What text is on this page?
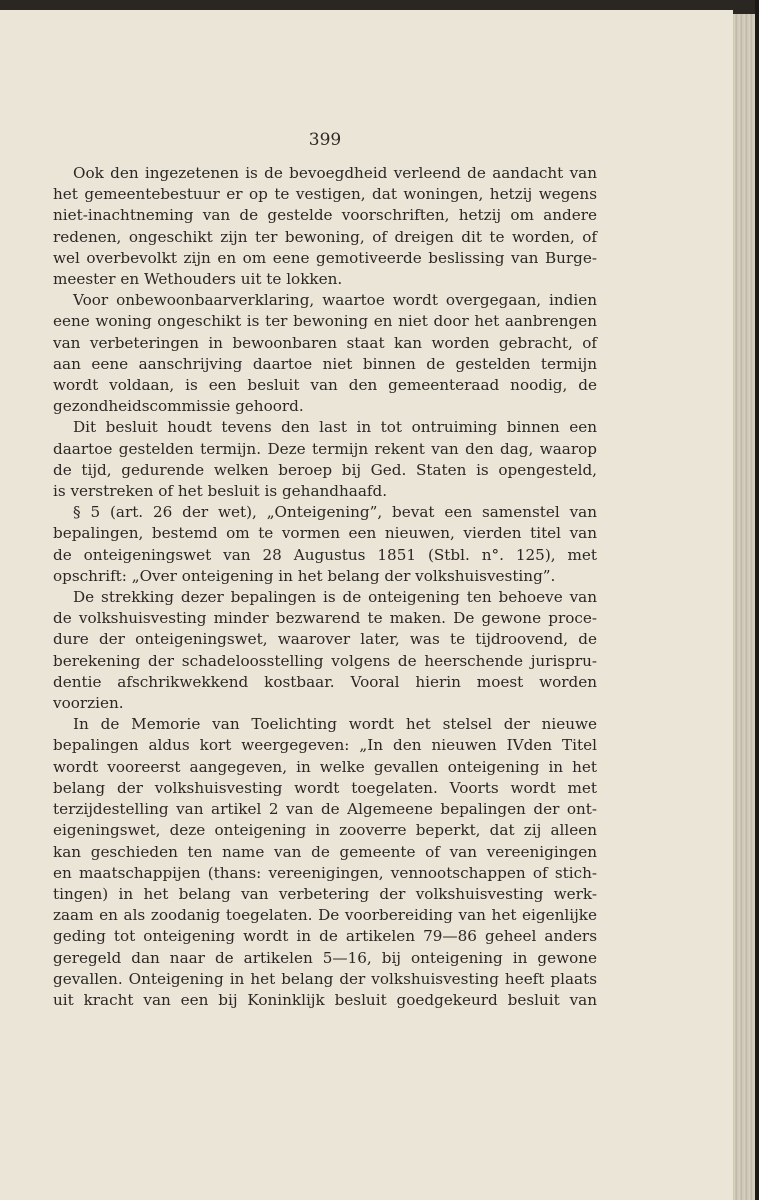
399
Ook den ingezetenen is de bevoegdheid verleend de aandacht van
het gemeentebestuur er op te vestigen, dat woningen, hetzij wegens
niet-inachtneming van de gestelde voorschriften, hetzij om andere
redenen, ongeschikt zijn ter bewoning, of dreigen dit te worden, of
wel overbevolkt zijn en om eene gemotiveerde beslissing van Burge-
meester en Wethouders uit te lokken.
Voor onbewoonbaarverklaring, waartoe wordt overgegaan, indien
eene woning ongeschikt is ter bewoning en niet door het aanbrengen
van verbeteringen in bewoonbaren staat kan worden gebracht, of
aan eene aanschrijving daartoe niet binnen de gestelden termijn
wordt voldaan, is een besluit van den gemeenteraad noodig, de
gezondheidscommissie gehoord.
Dit besluit houdt tevens den last in tot ontruiming binnen een
daartoe gestelden termijn. Deze termijn rekent van den dag, waarop
de tijd, gedurende welken beroep bij Ged. Staten is opengesteld,
is verstreken of het besluit is gehandhaafd.
§ 5 (art. 26 der wet), „Onteigening”, bevat een samenstel van
bepalingen, bestemd om te vormen een nieuwen, vierden titel van
de onteigeningswet van 28 Augustus 1851 (Stbl. n°. 125), met
opschrift: „Over onteigening in het belang der volkshuisvesting”.
De strekking dezer bepalingen is de onteigening ten behoeve van
de volkshuisvesting minder bezwarend te maken. De gewone proce-
dure der onteigeningswet, waarover later, was te tijdroovend, de
berekening der schadeloosstelling volgens de heerschende jurispru-
dentie afschrikwekkend kostbaar. Vooral hierin moest worden
voorzien.
In de Memorie van Toelichting wordt het stelsel der nieuwe
bepalingen aldus kort weergegeven: „In den nieuwen IVden Titel
wordt vooreerst aangegeven, in welke gevallen onteigening in het
belang der volkshuisvesting wordt toegelaten. Voorts wordt met
terzijdestelling van artikel 2 van de Algemeene bepalingen der ont-
eigeningswet, deze onteigening in zooverre beperkt, dat zij alleen
kan geschieden ten name van de gemeente of van vereenigingen
en maatschappijen (thans: vereenigingen, vennootschappen of stich-
tingen) in het belang van verbetering der volkshuisvesting werk-
zaam en als zoodanig toegelaten. De voorbereiding van het eigenlijke
geding tot onteigening wordt in de artikelen 79—86 geheel anders
geregeld dan naar de artikelen 5—16, bij onteigening in gewone
gevallen. Onteigening in het belang der volkshuisvesting heeft plaats
uit kracht van een bij Koninklijk besluit goedgekeurd besluit van
